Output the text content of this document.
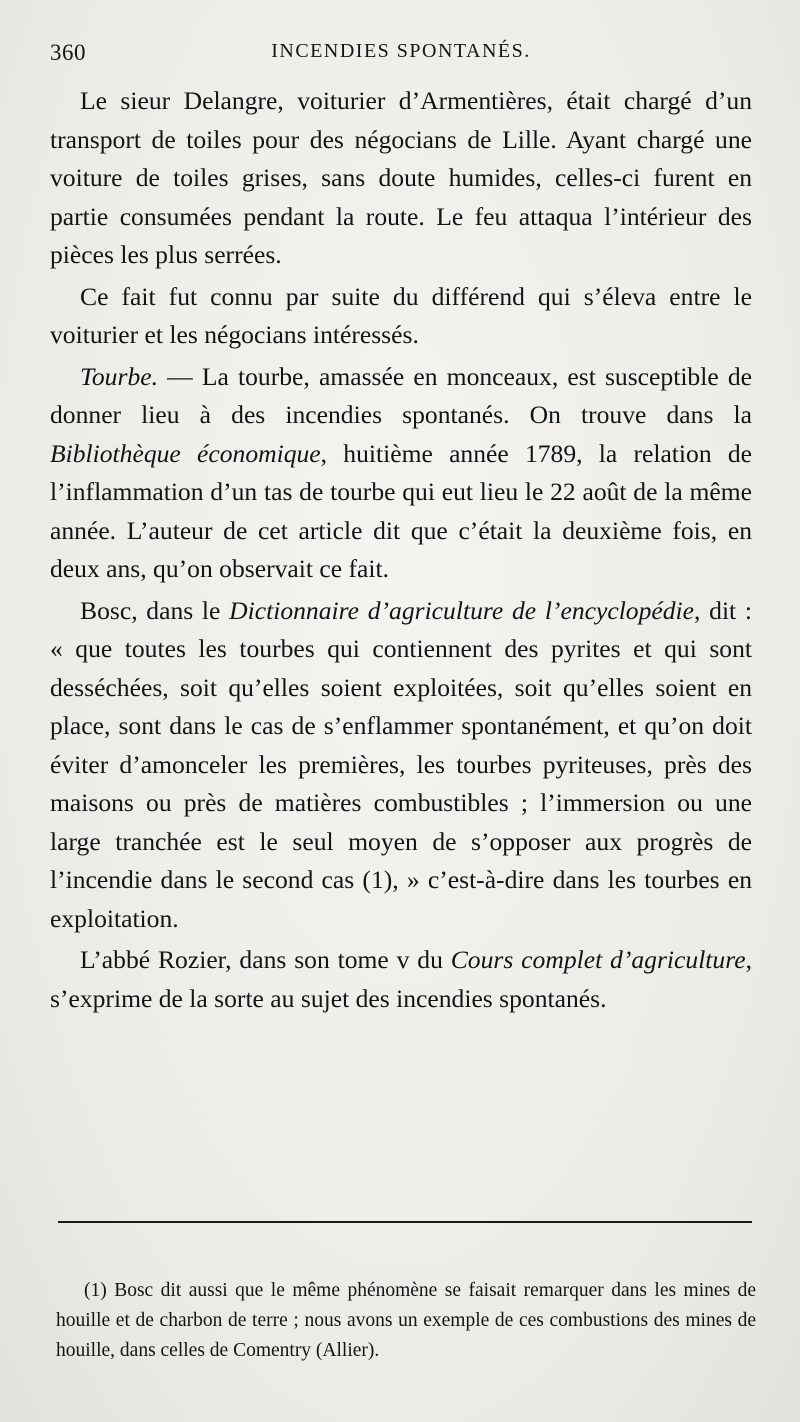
360	INCENDIES SPONTANÉS.

Le sieur Delangre, voiturier d’Armentières, était chargé d’un transport de toiles pour des négocians de Lille. Ayant chargé une voiture de toiles grises, sans doute humides, celles-ci furent en partie consumées pendant la route. Le feu attaqua l’intérieur des pièces les plus serrées.

Ce fait fut connu par suite du différend qui s’éleva entre le voiturier et les négocians intéressés.

Tourbe. — La tourbe, amassée en monceaux, est susceptible de donner lieu à des incendies spontanés. On trouve dans la Bibliothèque économique, huitième année 1789, la relation de l’inflammation d’un tas de tourbe qui eut lieu le 22 août de la même année. L’auteur de cet article dit que c’était la deuxième fois, en deux ans, qu’on observait ce fait.

Bosc, dans le Dictionnaire d’agriculture de l’encyclopédie, dit : « que toutes les tourbes qui contiennent des pyrites et qui sont desséchées, soit qu’elles soient exploitées, soit qu’elles soient en place, sont dans le cas de s’enflammer spontanément, et qu’on doit éviter d’amonceler les premières, les tourbes pyriteuses, près des maisons ou près de matières combustibles ; l’immersion ou une large tranchée est le seul moyen de s’opposer aux progrès de l’incendie dans le second cas (1), » c’est-à-dire dans les tourbes en exploitation.

L’abbé Rozier, dans son tome v du Cours complet d’agriculture, s’exprime de la sorte au sujet des incendies spontanés.

(1) Bosc dit aussi que le même phénomène se faisait remarquer dans les mines de houille et de charbon de terre ; nous avons un exemple de ces combustions des mines de houille, dans celles de Comentry (Allier).
